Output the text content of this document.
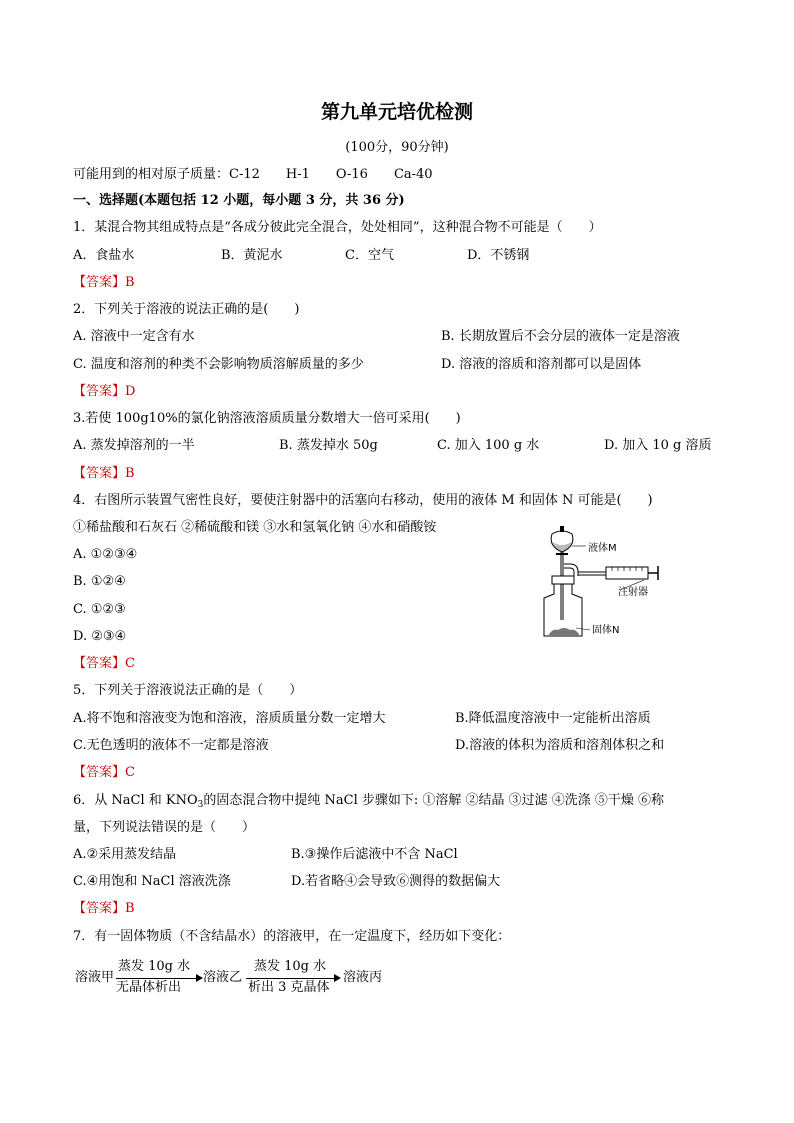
第九单元培优检测
(100分，90分钟)
可能用到的相对原子质量：C-12　　H-1　　O-16　　Ca-40
一、选择题(本题包括 12 小题，每小题 3 分，共 36 分)
1．某混合物其组成特点是“各成分彼此完全混合，处处相同”，这种混合物不可能是（　　）
A．食盐水	B．黄泥水	C．空气	D．不锈钢
【答案】B
2．下列关于溶液的说法正确的是(　　)
A. 溶液中一定含有水	B. 长期放置后不会分层的液体一定是溶液
C. 温度和溶剂的种类不会影响物质溶解质量的多少	D. 溶液的溶质和溶剂都可以是固体
【答案】D
3.若使 100g10%的氯化钠溶液溶质质量分数增大一倍可采用(　　)
A. 蒸发掉溶剂的一半	B. 蒸发掉水 50g	C. 加入 100 g 水	D. 加入 10 g 溶质
【答案】B
4．右图所示装置气密性良好，要使注射器中的活塞向右移动，使用的液体 M 和固体 N 可能是(　　)
①稀盐酸和石灰石 ②稀硫酸和镁 ③水和氢氧化钠 ④水和硝酸铵
A. ①②③④
B. ①②④
C. ①②③
D. ②③④
【答案】C
液体M
注射器
固体N
5．下列关于溶液说法正确的是（　　）
A.将不饱和溶液变为饱和溶液，溶质质量分数一定增大	B.降低温度溶液中一定能析出溶质
C.无色透明的液体不一定都是溶液	D.溶液的体积为溶质和溶剂体积之和
【答案】C
6．从 NaCl 和 $KNO_3$的固态混合物中提纯 NaCl 步骤如下: ①溶解 ②结晶 ③过滤 ④洗涤 ⑤干燥 ⑥称
量，下列说法错误的是（　　）
A.②采用蒸发结晶	B.③操作后滤液中不含 NaCl
C.④用饱和 NaCl 溶液洗涤	D.若省略④会导致⑥测得的数据偏大
【答案】B
7．有一固体物质（不含结晶水）的溶液甲，在一定温度下，经历如下变化：
溶液甲
蒸发 10g 水
无晶体析出
溶液乙
蒸发 10g 水
析出 3 克晶体
溶液丙
